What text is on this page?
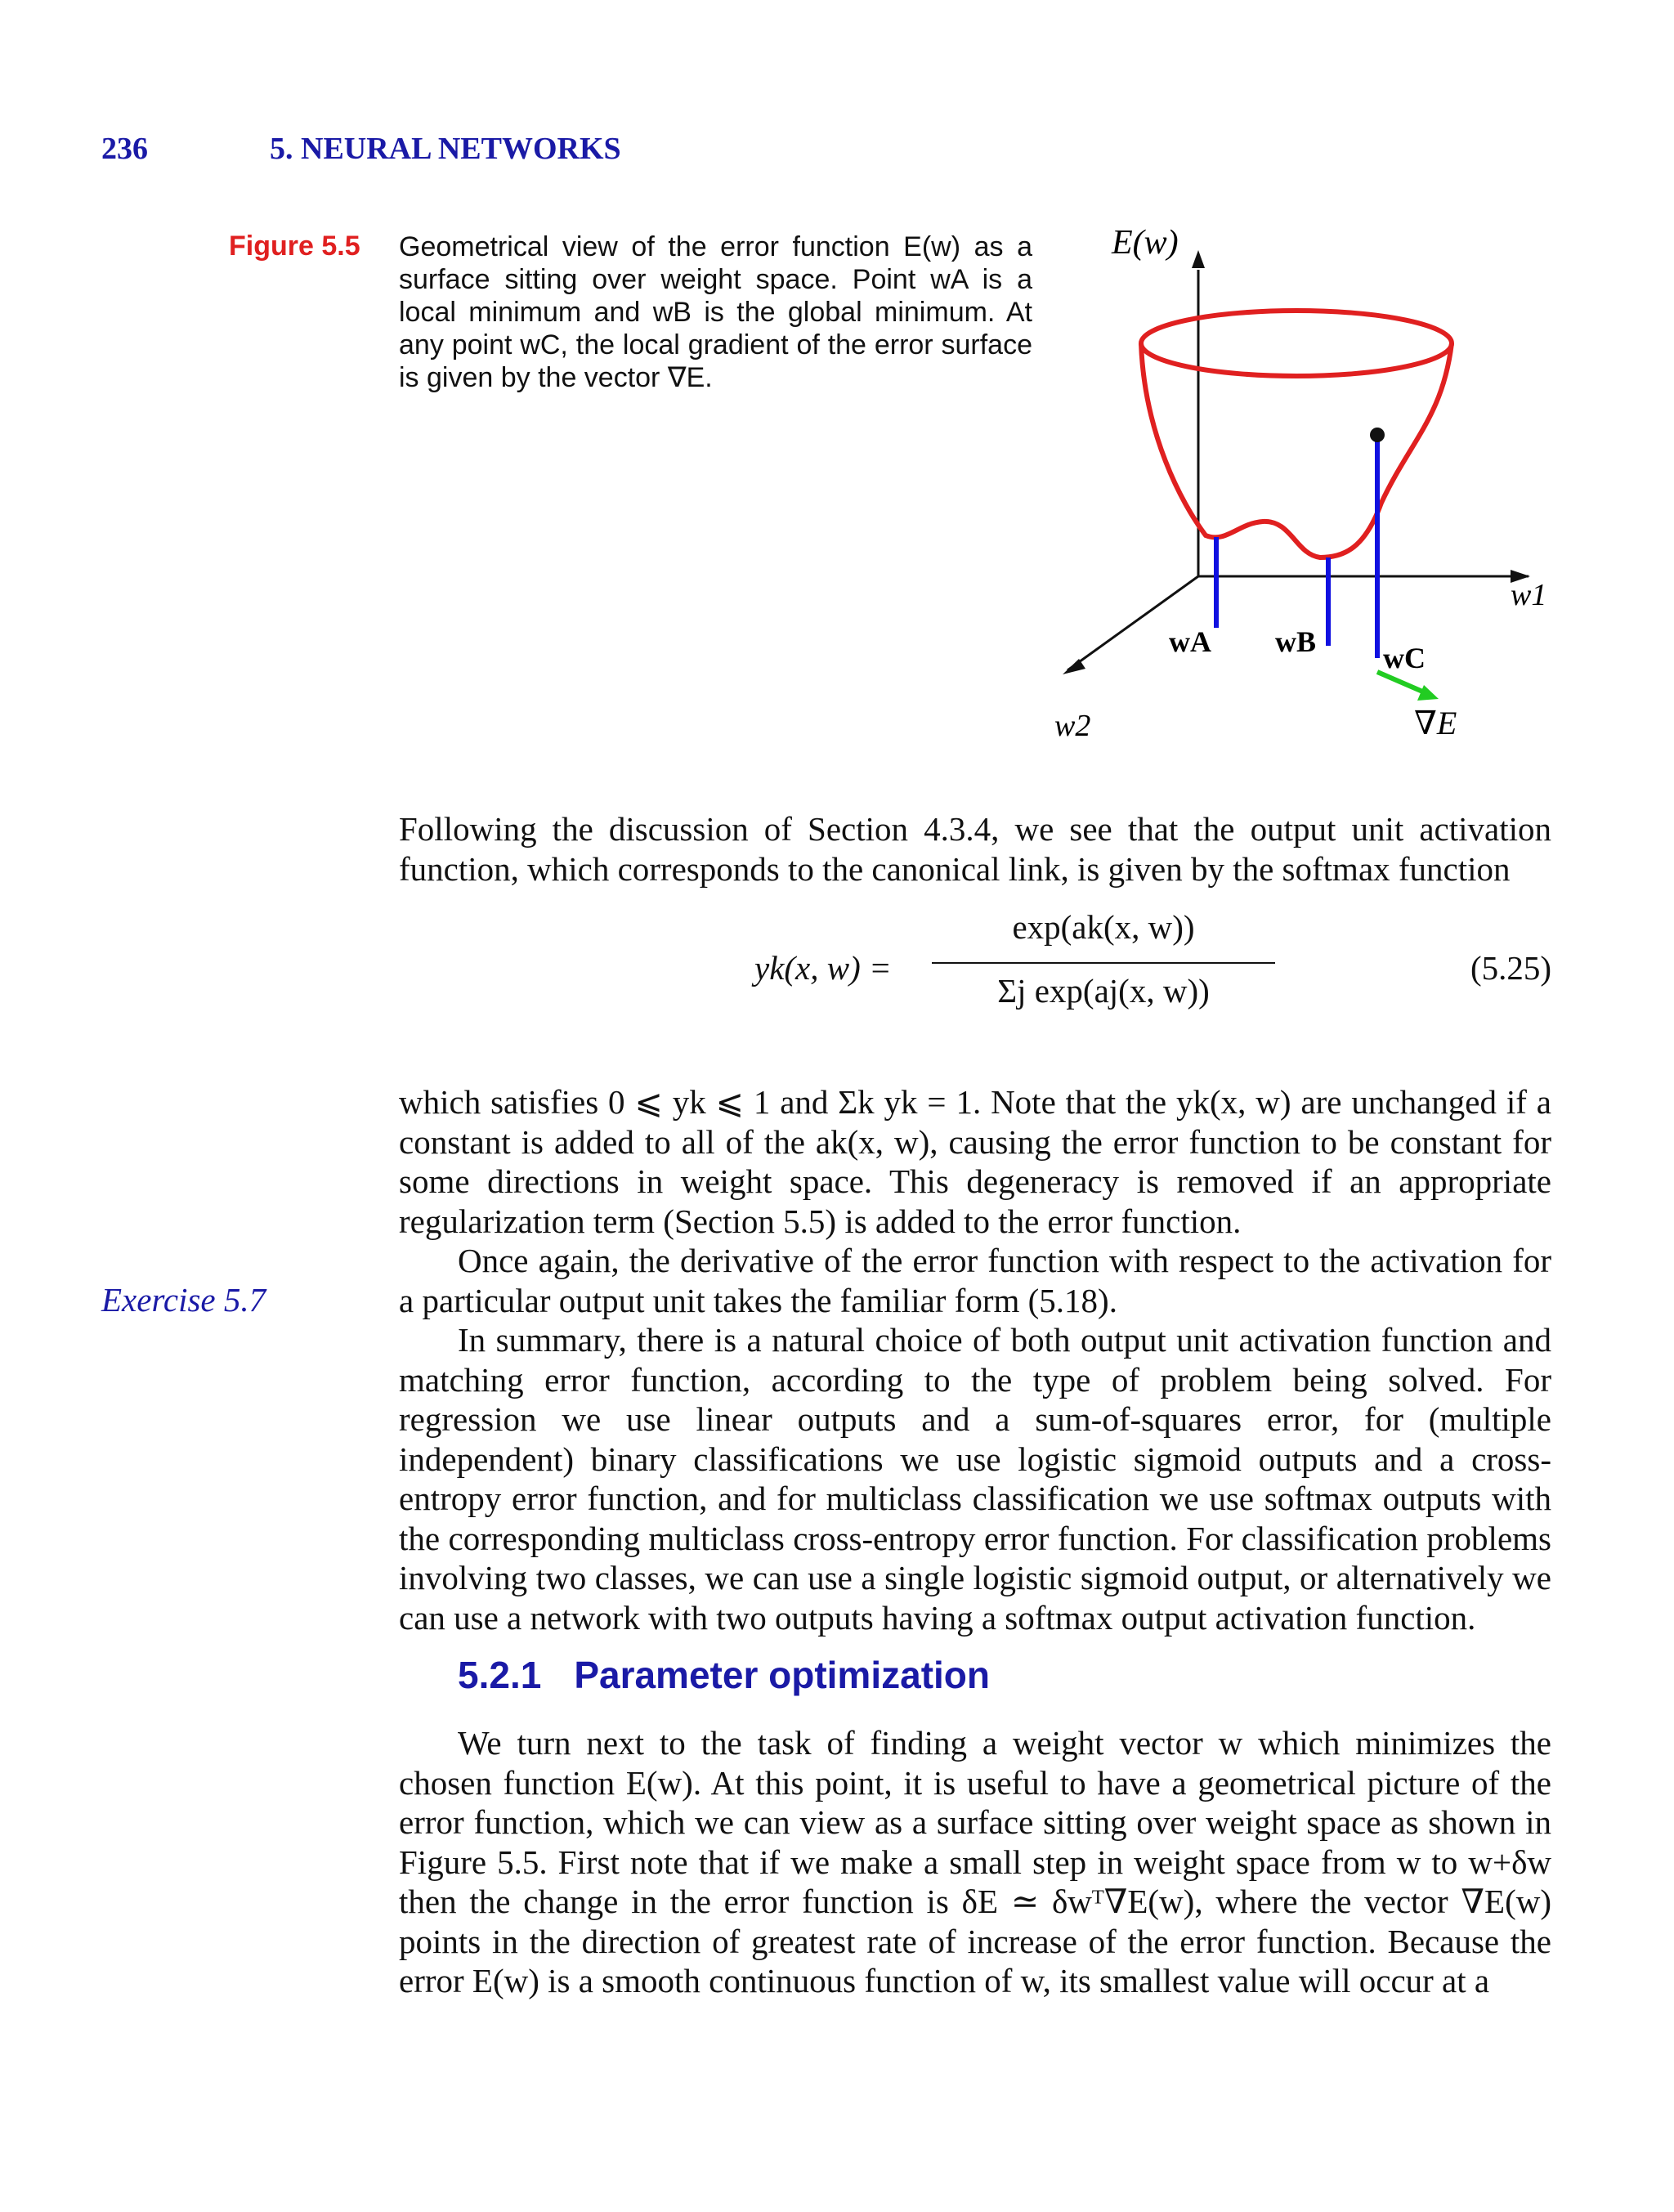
236	5. NEURAL NETWORKS
Figure 5.5 Geometrical view of the error function E(w) as a surface sitting over weight space. Point wA is a local minimum and wB is the global minimum. At any point wC, the local gradient of the error surface is given by the vector ∇E.
E(w)
w1
w2
wA wB wC
∇E
Following the discussion of Section 4.3.4, we see that the output unit activation function, which corresponds to the canonical link, is given by the softmax function
yk(x, w) =
exp(ak(x, w))
Σj exp(aj(x, w))
(5.25)
which satisfies 0 ⩽ yk ⩽ 1 and Σk yk = 1. Note that the yk(x, w) are unchanged if a constant is added to all of the ak(x, w), causing the error function to be constant for some directions in weight space. This degeneracy is removed if an appropriate regularization term (Section 5.5) is added to the error function.
Once again, the derivative of the error function with respect to the activation for a particular output unit takes the familiar form (5.18).
In summary, there is a natural choice of both output unit activation function and matching error function, according to the type of problem being solved. For regression we use linear outputs and a sum-of-squares error, for (multiple independent) binary classifications we use logistic sigmoid outputs and a cross-entropy error function, and for multiclass classification we use softmax outputs with the corresponding multiclass cross-entropy error function. For classification problems involving two classes, we can use a single logistic sigmoid output, or alternatively we can use a network with two outputs having a softmax output activation function.
Exercise 5.7
5.2.1 Parameter optimization
We turn next to the task of finding a weight vector w which minimizes the chosen function E(w). At this point, it is useful to have a geometrical picture of the error function, which we can view as a surface sitting over weight space as shown in Figure 5.5. First note that if we make a small step in weight space from w to w+δw then the change in the error function is δE ≃ δwᵀ∇E(w), where the vector ∇E(w) points in the direction of greatest rate of increase of the error function. Because the error E(w) is a smooth continuous function of w, its smallest value will occur at a
